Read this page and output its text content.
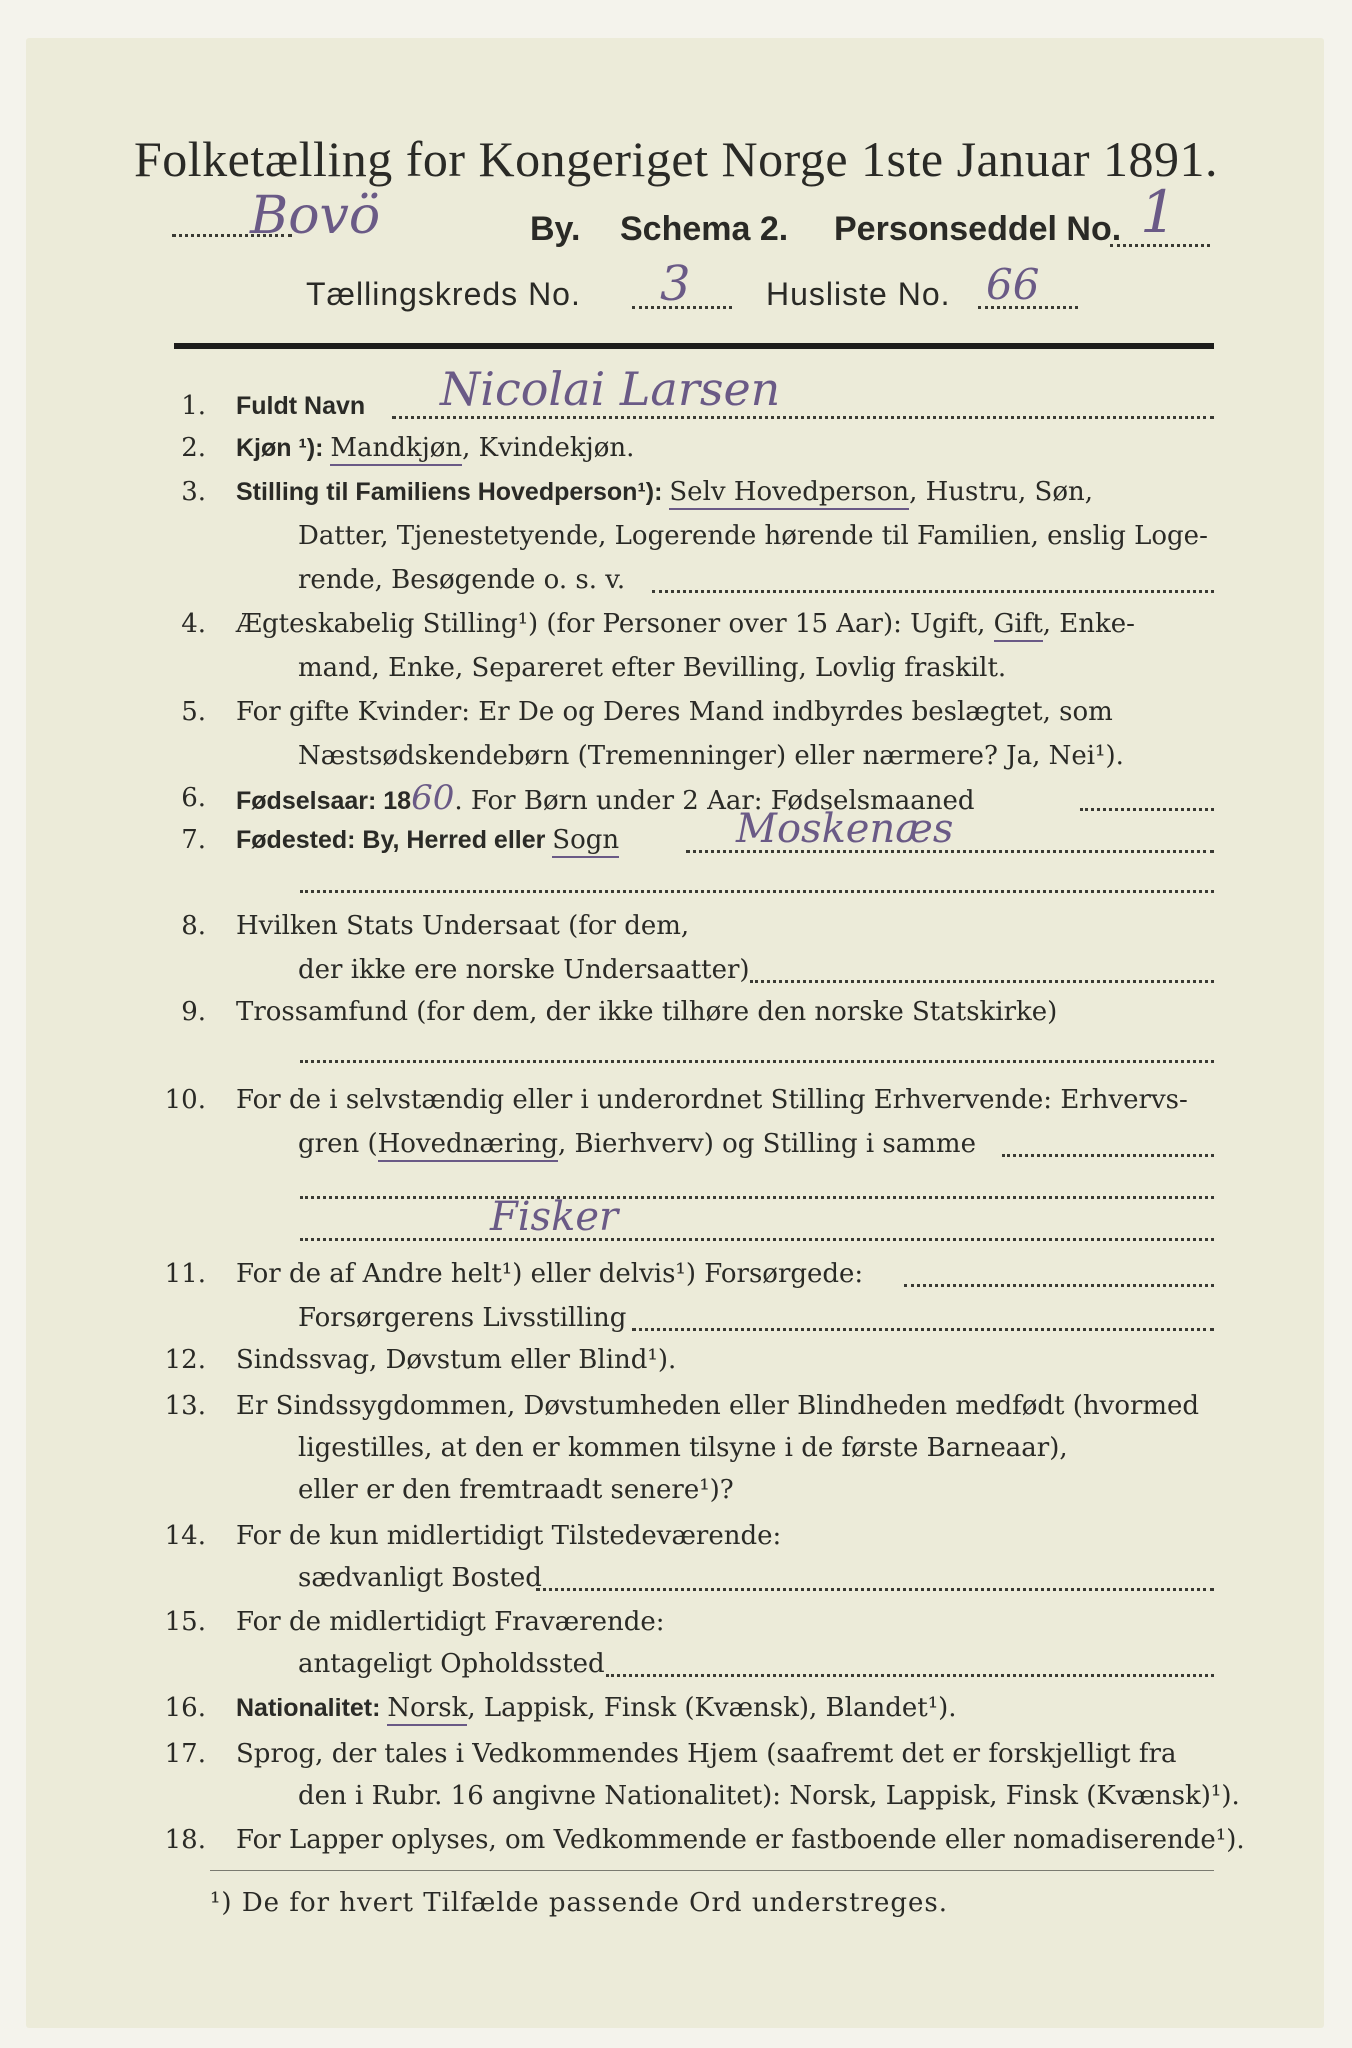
Folketælling for Kongeriget Norge 1ste Januar 1891.
Bovö	By. Schema 2. Personseddel No. 1
Tællingskreds No. 3 Husliste No. 66
1. Fuldt Navn Nicolai Larsen
2. Kjøn ¹): Mandkjøn, Kvindekjøn.
3. Stilling til Familiens Hovedperson¹): Selv Hovedperson, Hustru, Søn,
Datter, Tjenestetyende, Logerende hørende til Familien, enslig Loge-
rende, Besøgende o. s. v.
4. Ægteskabelig Stilling¹) (for Personer over 15 Aar): Ugift, Gift, Enke-
mand, Enke, Separeret efter Bevilling, Lovlig fraskilt.
5. For gifte Kvinder: Er De og Deres Mand indbyrdes beslægtet, som
Næstsødskendebørn (Tremenninger) eller nærmere? Ja, Nei¹).
6. Fødselsaar: 1860. For Børn under 2 Aar: Fødselsmaaned
7. Fødested: By, Herred eller Sogn	Moskenæs
8. Hvilken Stats Undersaat (for dem,
der ikke ere norske Undersaatter)
9. Trossamfund (for dem, der ikke tilhøre den norske Statskirke)
10. For de i selvstændig eller i underordnet Stilling Erhvervende: Erhvervs-
gren (Hovednæring, Bierhverv) og Stilling i samme
Fisker
11. For de af Andre helt¹) eller delvis¹) Forsørgede:
Forsørgerens Livsstilling
12. Sindssvag, Døvstum eller Blind¹).
13. Er Sindssygdommen, Døvstumheden eller Blindheden medfødt (hvormed
ligestilles, at den er kommen tilsyne i de første Barneaar),
eller er den fremtraadt senere¹)?
14. For de kun midlertidigt Tilstedeværende:
sædvanligt Bosted
15. For de midlertidigt Fraværende:
antageligt Opholdssted
16. Nationalitet: Norsk, Lappisk, Finsk (Kvænsk), Blandet¹).
17. Sprog, der tales i Vedkommendes Hjem (saafremt det er forskjelligt fra
den i Rubr. 16 angivne Nationalitet): Norsk, Lappisk, Finsk (Kvænsk)¹).
18. For Lapper oplyses, om Vedkommende er fastboende eller nomadiserende¹).
¹) De for hvert Tilfælde passende Ord understreges.
